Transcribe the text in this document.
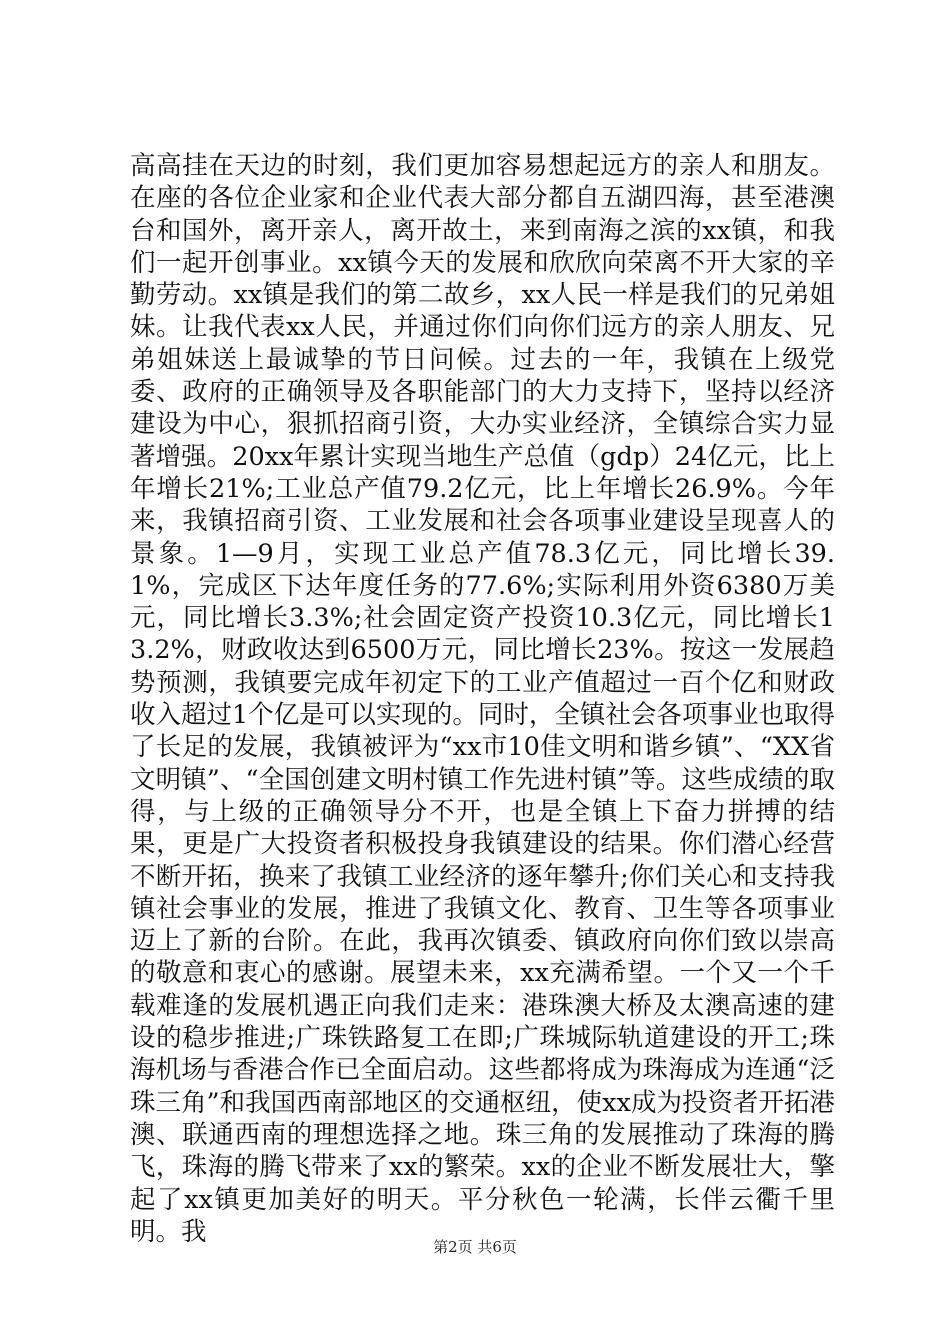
高高挂在天边的时刻，我们更加容易想起远方的亲人和朋友。在座的各位企业家和企业代表大部分都自五湖四海，甚至港澳台和国外，离开亲人，离开故土，来到南海之滨的xx镇，和我们一起开创事业。xx镇今天的发展和欣欣向荣离不开大家的辛勤劳动。xx镇是我们的第二故乡，xx人民一样是我们的兄弟姐妹。让我代表xx人民，并通过你们向你们远方的亲人朋友、兄弟姐妹送上最诚挚的节日问候。过去的一年，我镇在上级党委、政府的正确领导及各职能部门的大力支持下，坚持以经济建设为中心，狠抓招商引资，大办实业经济，全镇综合实力显著增强。20xx年累计实现当地生产总值（gdp）24亿元，比上年增长21%;工业总产值79.2亿元，比上年增长26.9%。今年来，我镇招商引资、工业发展和社会各项事业建设呈现喜人的景象。1—9月，实现工业总产值78.3亿元，同比增长39.1%，完成区下达年度任务的77.6%;实际利用外资6380万美元，同比增长3.3%;社会固定资产投资10.3亿元，同比增长13.2%，财政收达到6500万元，同比增长23%。按这一发展趋势预测，我镇要完成年初定下的工业产值超过一百个亿和财政收入超过1个亿是可以实现的。同时，全镇社会各项事业也取得了长足的发展，我镇被评为“xx市10佳文明和谐乡镇”、“XX省文明镇”、“全国创建文明村镇工作先进村镇”等。这些成绩的取得，与上级的正确领导分不开，也是全镇上下奋力拼搏的结果，更是广大投资者积极投身我镇建设的结果。你们潜心经营不断开拓，换来了我镇工业经济的逐年攀升;你们关心和支持我镇社会事业的发展，推进了我镇文化、教育、卫生等各项事业迈上了新的台阶。在此，我再次镇委、镇政府向你们致以崇高的敬意和衷心的感谢。展望未来，xx充满希望。一个又一个千载难逢的发展机遇正向我们走来：港珠澳大桥及太澳高速的建设的稳步推进;广珠铁路复工在即;广珠城际轨道建设的开工;珠海机场与香港合作已全面启动。这些都将成为珠海成为连通“泛珠三角”和我国西南部地区的交通枢纽，使xx成为投资者开拓港澳、联通西南的理想选择之地。珠三角的发展推动了珠海的腾飞，珠海的腾飞带来了xx的繁荣。xx的企业不断发展壮大，擎起了xx镇更加美好的明天。平分秋色一轮满，长伴云衢千里明。我

第2页 共6页
